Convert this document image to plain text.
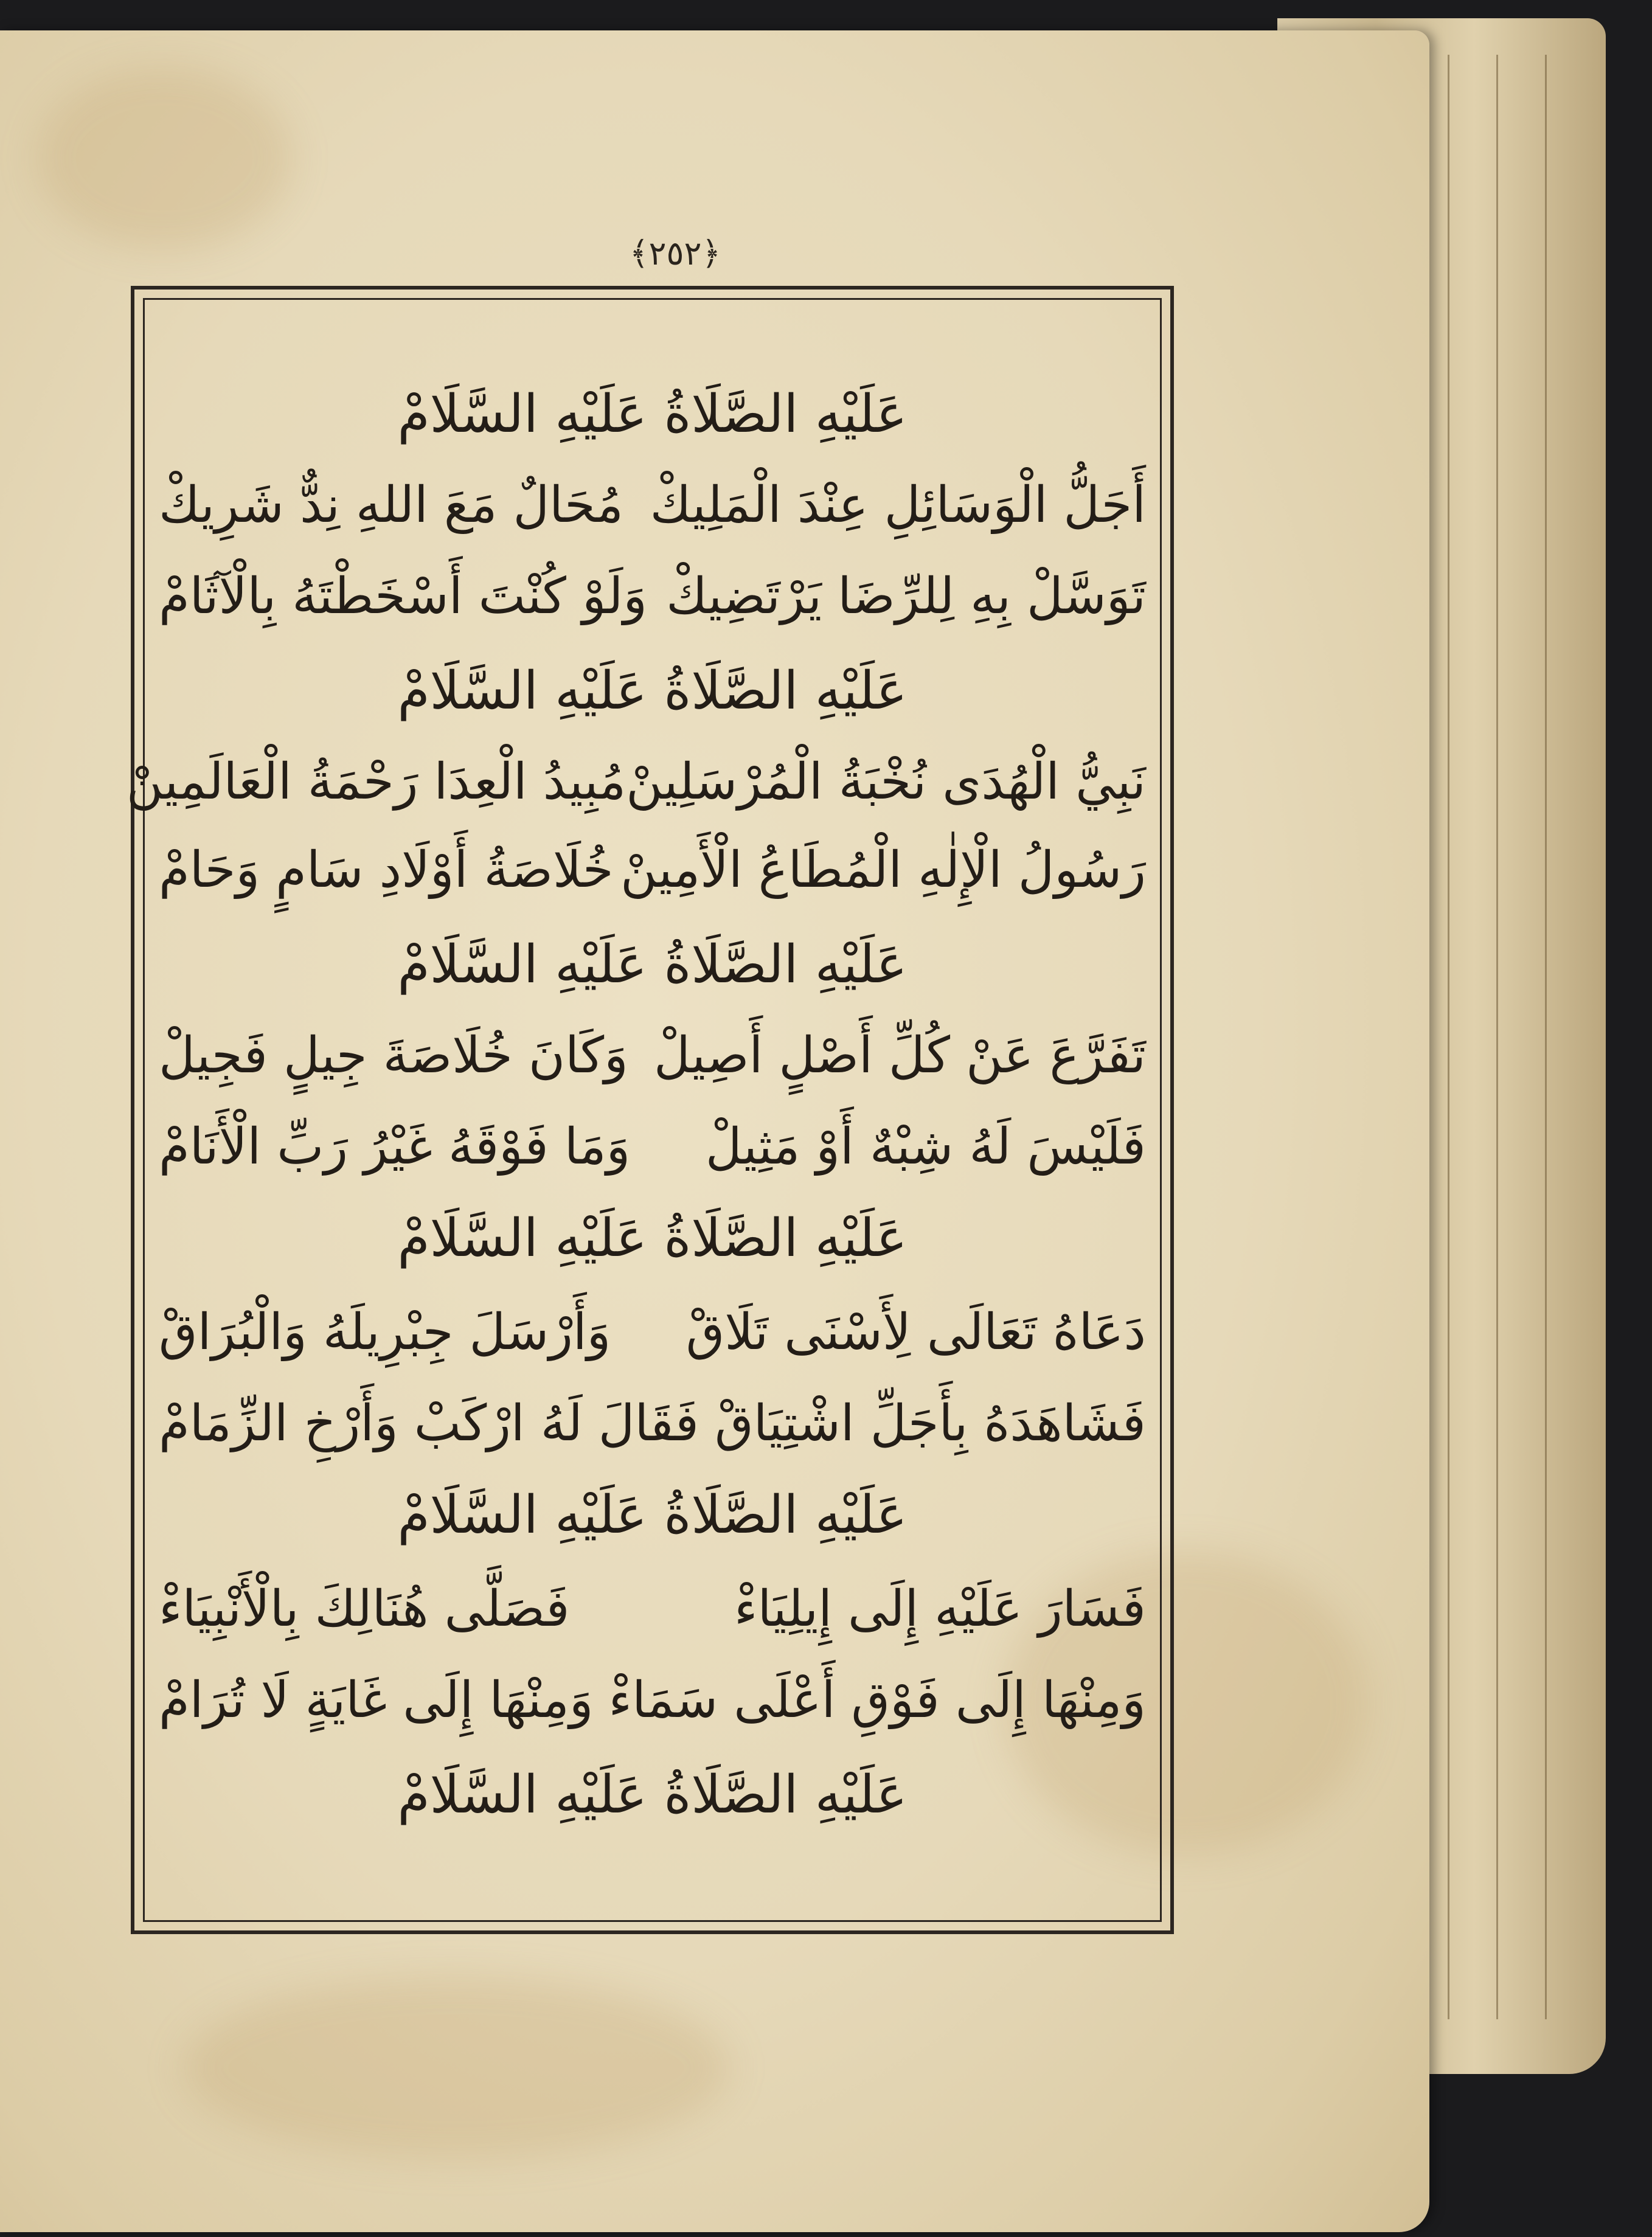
﴿٢٥٢﴾
عَلَيْهِ الصَّلَاةُ عَلَيْهِ السَّلَامْ
أَجَلُّ الْوَسَائِلِ عِنْدَ الْمَلِيكْ
مُحَالٌ مَعَ اللهِ نِدٌّ شَرِيكْ
تَوَسَّلْ بِهِ لِلرِّضَا يَرْتَضِيكْ
وَلَوْ كُنْتَ أَسْخَطْتَهُ بِالْآثَامْ
عَلَيْهِ الصَّلَاةُ عَلَيْهِ السَّلَامْ
نَبِيُّ الْهُدَى نُخْبَةُ الْمُرْسَلِينْ
مُبِيدُ الْعِدَا رَحْمَةُ الْعَالَمِينْ
رَسُولُ الْإِلٰهِ الْمُطَاعُ الْأَمِينْ
خُلَاصَةُ أَوْلَادِ سَامٍ وَحَامْ
عَلَيْهِ الصَّلَاةُ عَلَيْهِ السَّلَامْ
تَفَرَّعَ عَنْ كُلِّ أَصْلٍ أَصِيلْ
وَكَانَ خُلَاصَةَ جِيلٍ فَجِيلْ
فَلَيْسَ لَهُ شِبْهٌ أَوْ مَثِيلْ
وَمَا فَوْقَهُ غَيْرُ رَبِّ الْأَنَامْ
عَلَيْهِ الصَّلَاةُ عَلَيْهِ السَّلَامْ
دَعَاهُ تَعَالَى لِأَسْنَى تَلَاقْ
وَأَرْسَلَ جِبْرِيلَهُ وَالْبُرَاقْ
فَشَاهَدَهُ بِأَجَلِّ اشْتِيَاقْ
فَقَالَ لَهُ ارْكَبْ وَأَرْخِ الزِّمَامْ
عَلَيْهِ الصَّلَاةُ عَلَيْهِ السَّلَامْ
فَسَارَ عَلَيْهِ إِلَى إِيلِيَاءْ
فَصَلَّى هُنَالِكَ بِالْأَنْبِيَاءْ
وَمِنْهَا إِلَى فَوْقِ أَعْلَى سَمَاءْ
وَمِنْهَا إِلَى غَايَةٍ لَا تُرَامْ
عَلَيْهِ الصَّلَاةُ عَلَيْهِ السَّلَامْ
